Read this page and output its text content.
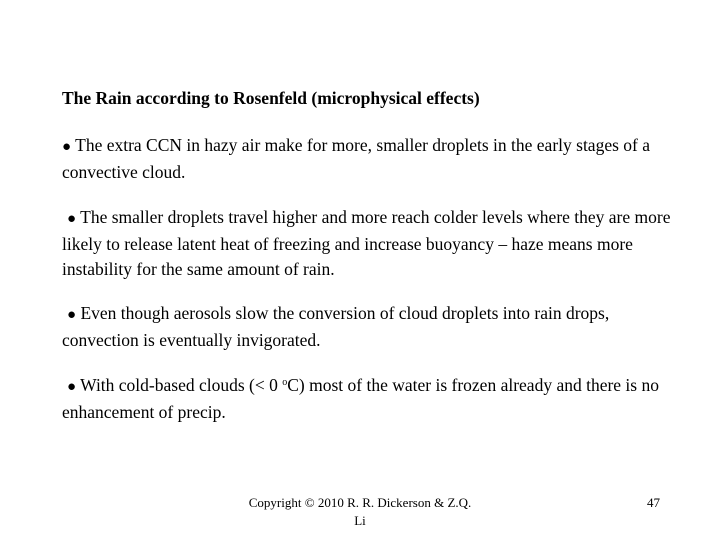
The Rain according to Rosenfeld (microphysical effects)
● The extra CCN in hazy air make for more, smaller droplets in the early stages of a convective cloud.
● The smaller droplets travel higher and more reach colder levels where they are more likely to release latent heat of freezing and increase buoyancy – haze means more instability for the same amount of rain.
● Even though aerosols slow the conversion of cloud droplets into rain drops, convection is eventually invigorated.
● With cold-based clouds (< 0 $^o$C) most of the water is frozen already and there is no enhancement of precip.
Copyright © 2010 R. R. Dickerson & Z.Q. Li
47
